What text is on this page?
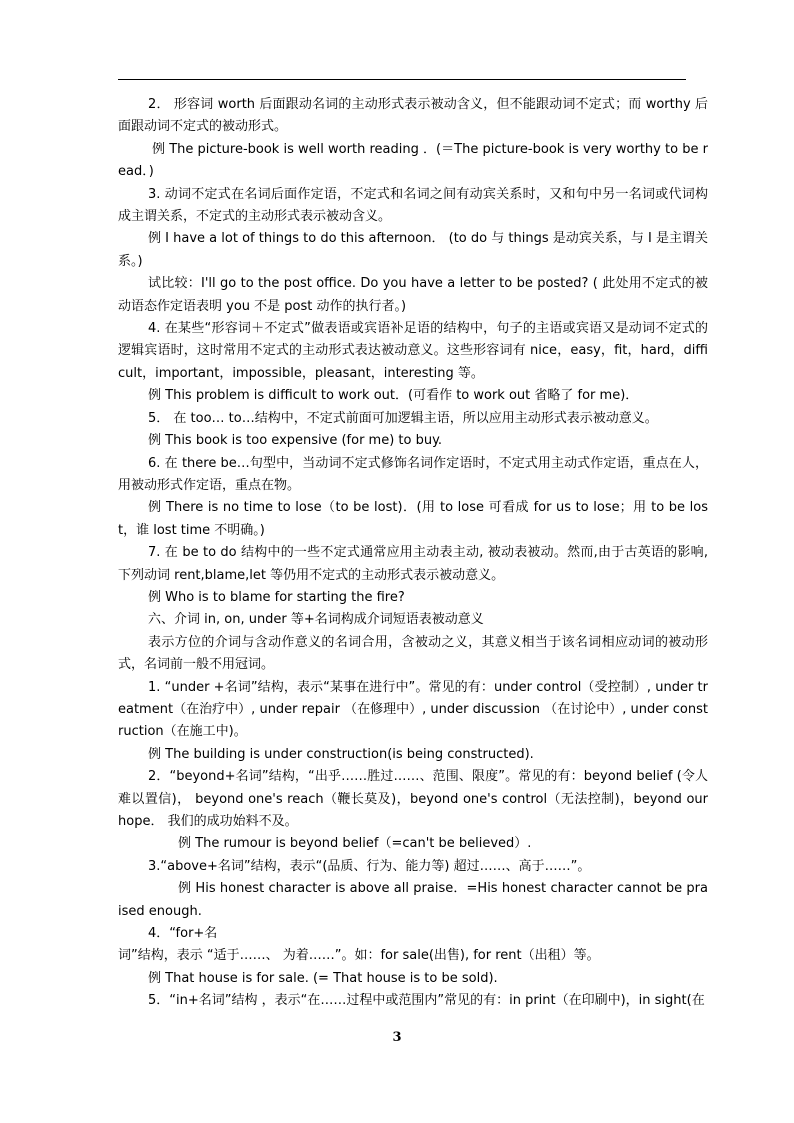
2． 形容词 worth 后面跟动名词的主动形式表示被动含义，但不能跟动词不定式；而 worthy 后面跟动词不定式的被动形式。

例 The picture-book is well worth reading ．(＝The picture-book is very worthy to be read．)

3. 动词不定式在名词后面作定语，不定式和名词之间有动宾关系时，又和句中另一名词或代词构成主谓关系，不定式的主动形式表示被动含义。

例 I have a lot of things to do this afternoon． (to do 与 things 是动宾关系，与 I 是主谓关系。)

试比较：I'll go to the post office. Do you have a letter to be posted? ( 此处用不定式的被动语态作定语表明 you 不是 post 动作的执行者。)

4. 在某些“形容词＋不定式”做表语或宾语补足语的结构中，句子的主语或宾语又是动词不定式的逻辑宾语时，这时常用不定式的主动形式表达被动意义。这些形容词有 nice，easy，fit，hard，difficult，important，impossible，pleasant，interesting 等。

例 This problem is difficult to work out．(可看作 to work out 省略了 for me)．

5． 在 too… to…结构中，不定式前面可加逻辑主语，所以应用主动形式表示被动意义。

例 This book is too expensive (for me) to buy.

6. 在 there be…句型中，当动词不定式修饰名词作定语时，不定式用主动式作定语，重点在人，用被动形式作定语，重点在物。

例 There is no time to lose（to be lost)．(用 to lose 可看成 for us to lose；用 to be lost，谁 lost time 不明确。)

7. 在 be to do 结构中的一些不定式通常应用主动表主动, 被动表被动。然而,由于古英语的影响,下列动词 rent,blame,let 等仍用不定式的主动形式表示被动意义。

例 Who is to blame for starting the fire?

六、介词 in, on, under 等+名词构成介词短语表被动意义

表示方位的介词与含动作意义的名词合用，含被动之义，其意义相当于该名词相应动词的被动形式，名词前一般不用冠词。

1. “under +名词”结构，表示“某事在进行中”。常见的有：under control（受控制）, under treatment（在治疗中）, under repair （在修理中）, under discussion （在讨论中）, under construction（在施工中)。

例 The building is under construction(is being constructed).

2．“beyond+名词”结构，“出乎……胜过……、范围、限度”。常见的有：beyond belief (令人难以置信)， beyond one's reach（鞭长莫及)，beyond one's control（无法控制)，beyond our hope． 我们的成功始料不及。

例 The rumour is beyond belief（=can't be believed）.

3.“above+名词”结构，表示“(品质、行为、能力等) 超过……、高于……”。

例 His honest character is above all praise．=His honest character cannot be praised enough.

4．“for+名

词”结构，表示 “适于……、 为着……”。如：for sale(出售), for rent（出租）等。

例 That house is for sale. (= That house is to be sold).

5．“in+名词”结构 ，表示“在……过程中或范围内”常见的有：in print（在印刷中)，in sight(在

3
